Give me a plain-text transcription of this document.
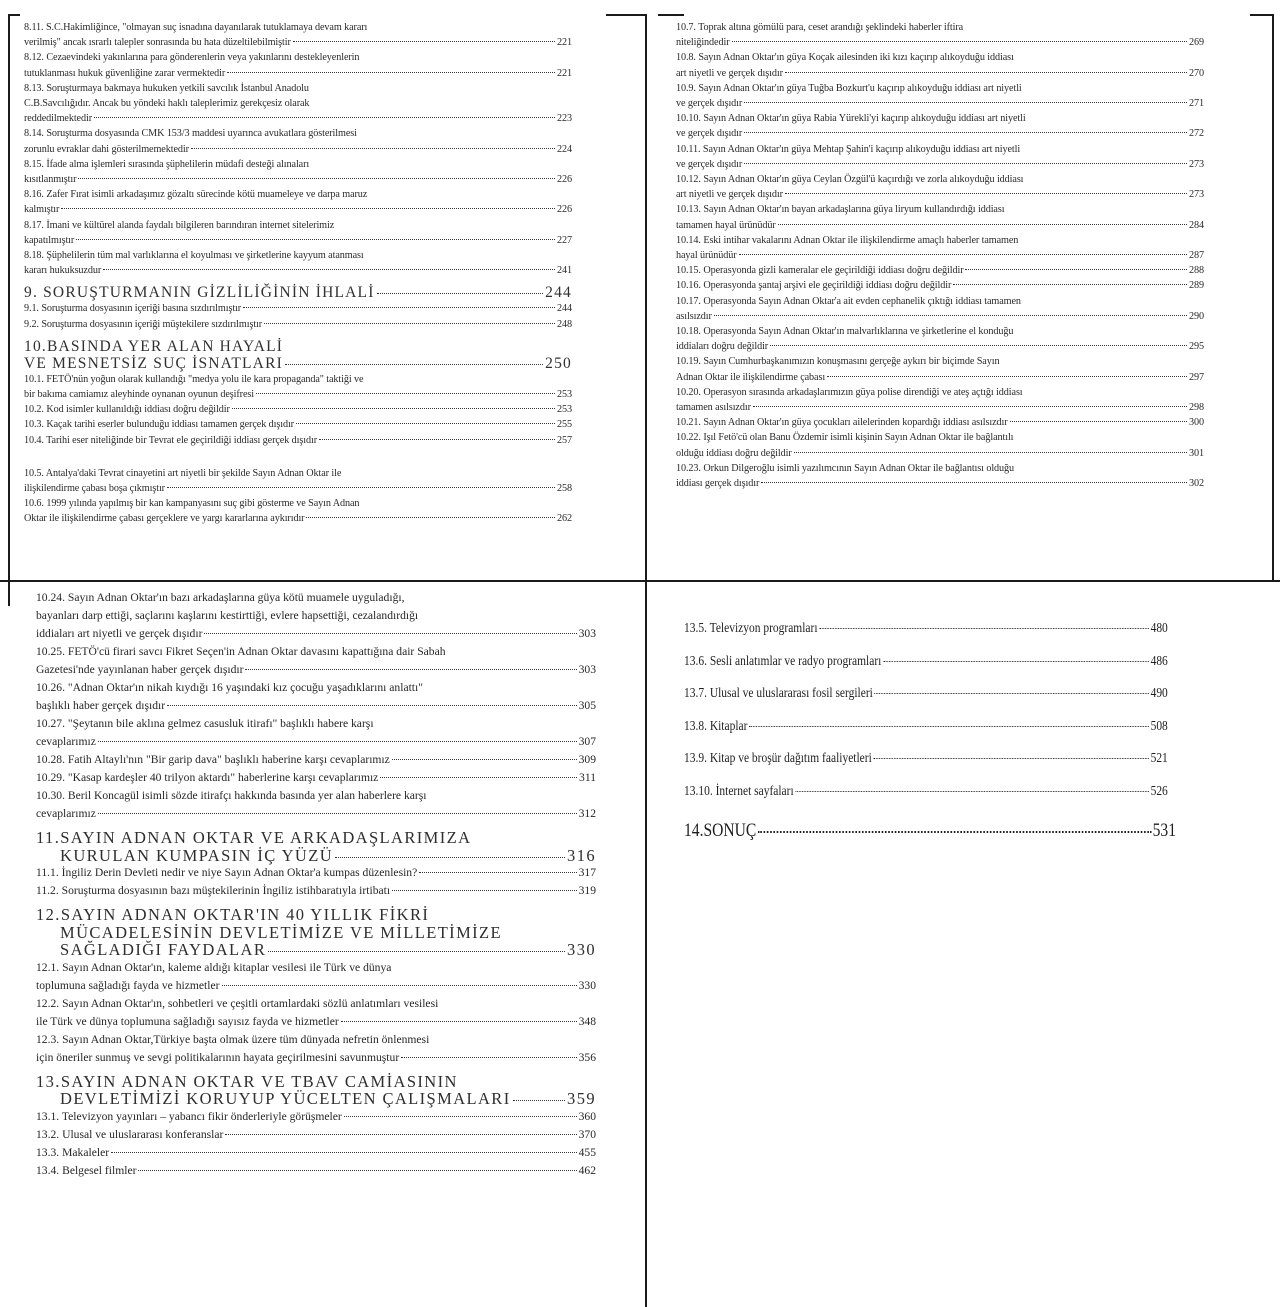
8.11. S.C.Hakimliğince, "olmayan suç isnadına dayanılarak tutuklamaya devam kararı
verilmiş" ancak ısrarlı talepler sonrasında bu hata düzeltilebilmiştir	221
8.12. Cezaevindeki yakınlarına para gönderenlerin veya yakınlarını destekleyenlerin
tutuklanması hukuk güvenliğine zarar vermektedir	221
8.13. Soruşturmaya bakmaya hukuken yetkili savcılık İstanbul Anadolu
C.B.Savcılığıdır. Ancak bu yöndeki haklı taleplerimiz gerekçesiz olarak
reddedilmektedir	223
8.14. Soruşturma dosyasında CMK 153/3 maddesi uyarınca avukatlara gösterilmesi
zorunlu evraklar dahi gösterilmemektedir	224
8.15. İfade alma işlemleri sırasında şüphelilerin müdafi desteği alınaları
kısıtlanmıştır	226
8.16. Zafer Fırat isimli arkadaşımız gözaltı sürecinde kötü muameleye ve darpa maruz
kalmıştır	226
8.17. İmani ve kültürel alanda faydalı bilgileren barındıran internet sitelerimiz
kapatılmıştır	227
8.18. Şüphelilerin tüm mal varlıklarına el koyulması ve şirketlerine kayyum atanması
kararı hukuksuzdur	241
9. SORUŞTURMANIN GİZLİLİĞİNİN İHLALİ	244
9.1. Soruşturma dosyasının içeriği basına sızdırılmıştır	244
9.2. Soruşturma dosyasının içeriği müştekilere sızdırılmıştır	248
10.BASINDA YER ALAN HAYALİ
VE MESNETSİZ SUÇ İSNATLARI	250
10.1. FETÖ'nün yoğun olarak kullandığı "medya yolu ile kara propaganda" taktiği ve
bir bakıma camiamız aleyhinde oynanan oyunun deşifresi	253
10.2. Kod isimler kullanıldığı iddiası doğru değildir	253
10.3. Kaçak tarihi eserler bulunduğu iddiası tamamen gerçek dışıdır	255
10.4. Tarihi eser niteliğinde bir Tevrat ele geçirildiği iddiası gerçek dışıdır	257
10.5. Antalya'daki Tevrat cinayetini art niyetli bir şekilde Sayın Adnan Oktar ile
ilişkilendirme çabası boşa çıkmıştır	258
10.6. 1999 yılında yapılmış bir kan kampanyasını suç gibi gösterme ve Sayın Adnan
Oktar ile ilişkilendirme çabası gerçeklere ve yargı kararlarına aykırıdır	262
10.7. Toprak altına gömülü para, ceset arandığı şeklindeki haberler iftira
niteliğindedir	269
10.8. Sayın Adnan Oktar'ın güya Koçak ailesinden iki kızı kaçırıp alıkoyduğu iddiası
art niyetli ve gerçek dışıdır	270
10.9. Sayın Adnan Oktar'ın güya Tuğba Bozkurt'u kaçırıp alıkoyduğu iddiası art niyetli
ve gerçek dışıdır	271
10.10. Sayın Adnan Oktar'ın güya Rabia Yürekli'yi kaçırıp alıkoyduğu iddiası art niyetli
ve gerçek dışıdır	272
10.11. Sayın Adnan Oktar'ın güya Mehtap Şahin'i kaçırıp alıkoyduğu iddiası art niyetli
ve gerçek dışıdır	273
10.12. Sayın Adnan Oktar'ın güya Ceylan Özgül'ü kaçırdığı ve zorla alıkoyduğu iddiası
art niyetli ve gerçek dışıdır	273
10.13. Sayın Adnan Oktar'ın bayan arkadaşlarına güya liryum kullandırdığı iddiası
tamamen hayal ürünüdür	284
10.14. Eski intihar vakalarını Adnan Oktar ile ilişkilendirme amaçlı haberler tamamen
hayal ürünüdür	287
10.15. Operasyonda gizli kameralar ele geçirildiği iddiası doğru değildir	288
10.16. Operasyonda şantaj arşivi ele geçirildiği iddiası doğru değildir	289
10.17. Operasyonda Sayın Adnan Oktar'a ait evden cephanelik çıktığı iddiası tamamen
asılsızdır	290
10.18. Operasyonda Sayın Adnan Oktar'ın malvarlıklarına ve şirketlerine el konduğu
iddiaları doğru değildir	295
10.19. Sayın Cumhurbaşkanımızın konuşmasını gerçeğe aykırı bir biçimde Sayın
Adnan Oktar ile ilişkilendirme çabası	297
10.20. Operasyon sırasında arkadaşlarımızın güya polise direndiği ve ateş açtığı iddiası
tamamen asılsızdır	298
10.21. Sayın Adnan Oktar'ın güya çocukları ailelerinden kopardığı iddiası asılsızdır	300
10.22. Işıl Fetö'cü olan Banu Özdemir isimli kişinin Sayın Adnan Oktar ile bağlantılı
olduğu iddiası doğru değildir	301
10.23. Orkun Dilgeroğlu isimli yazılımcının Sayın Adnan Oktar ile bağlantısı olduğu
iddiası gerçek dışıdır	302
10.24. Sayın Adnan Oktar'ın bazı arkadaşlarına güya kötü muamele uyguladığı,
bayanları darp ettiği, saçlarını kaşlarını kestirttiği, evlere hapsettiği, cezalandırdığı
iddiaları art niyetli ve gerçek dışıdır	303
10.25. FETÖ'cü firari savcı Fikret Seçen'in Adnan Oktar davasını kapattığına dair Sabah
Gazetesi'nde yayınlanan haber gerçek dışıdır	303
10.26. "Adnan Oktar'ın nikah kıydığı 16 yaşındaki kız çocuğu yaşadıklarını anlattı"
başlıklı haber gerçek dışıdır	305
10.27. "Şeytanın bile aklına gelmez casusluk itirafı" başlıklı habere karşı
cevaplarımız	307
10.28. Fatih Altaylı'nın "Bir garip dava" başlıklı haberine karşı cevaplarımız	309
10.29. "Kasap kardeşler 40 trilyon aktardı" haberlerine karşı cevaplarımız	311
10.30. Beril Koncagül isimli sözde itirafçı hakkında basında yer alan haberlere karşı
cevaplarımız	312
11.SAYIN ADNAN OKTAR VE ARKADAŞLARIMIZA
KURULAN KUMPASIN İÇ YÜZÜ	316
11.1. İngiliz Derin Devleti nedir ve niye Sayın Adnan Oktar'a kumpas düzenlesin?	317
11.2. Soruşturma dosyasının bazı müştekilerinin İngiliz istihbaratıyla irtibatı	319
12.SAYIN ADNAN OKTAR'IN 40 YILLIK FİKRİ
MÜCADELESİNİN DEVLETİMİZE VE MİLLETİMİZE
SAĞLADIĞI FAYDALAR	330
12.1. Sayın Adnan Oktar'ın, kaleme aldığı kitaplar vesilesi ile Türk ve dünya
toplumuna sağladığı fayda ve hizmetler	330
12.2. Sayın Adnan Oktar'ın, sohbetleri ve çeşitli ortamlardaki sözlü anlatımları vesilesi
ile Türk ve dünya toplumuna sağladığı sayısız fayda ve hizmetler	348
12.3. Sayın Adnan Oktar,Türkiye başta olmak üzere tüm dünyada nefretin önlenmesi
için öneriler sunmuş ve sevgi politikalarının hayata geçirilmesini savunmuştur	356
13.SAYIN ADNAN OKTAR VE TBAV CAMİASININ
DEVLETİMİZİ KORUYUP YÜCELTEN ÇALIŞMALARI	359
13.1. Televizyon yayınları – yabancı fikir önderleriyle görüşmeler	360
13.2. Ulusal ve uluslararası konferanslar	370
13.3. Makaleler	455
13.4. Belgesel filmler	462
13.5. Televizyon programları	480
13.6. Sesli anlatımlar ve radyo programları	486
13.7. Ulusal ve uluslararası fosil sergileri	490
13.8. Kitaplar	508
13.9. Kitap ve broşür dağıtım faaliyetleri	521
13.10. İnternet sayfaları	526
14.SONUÇ	531
